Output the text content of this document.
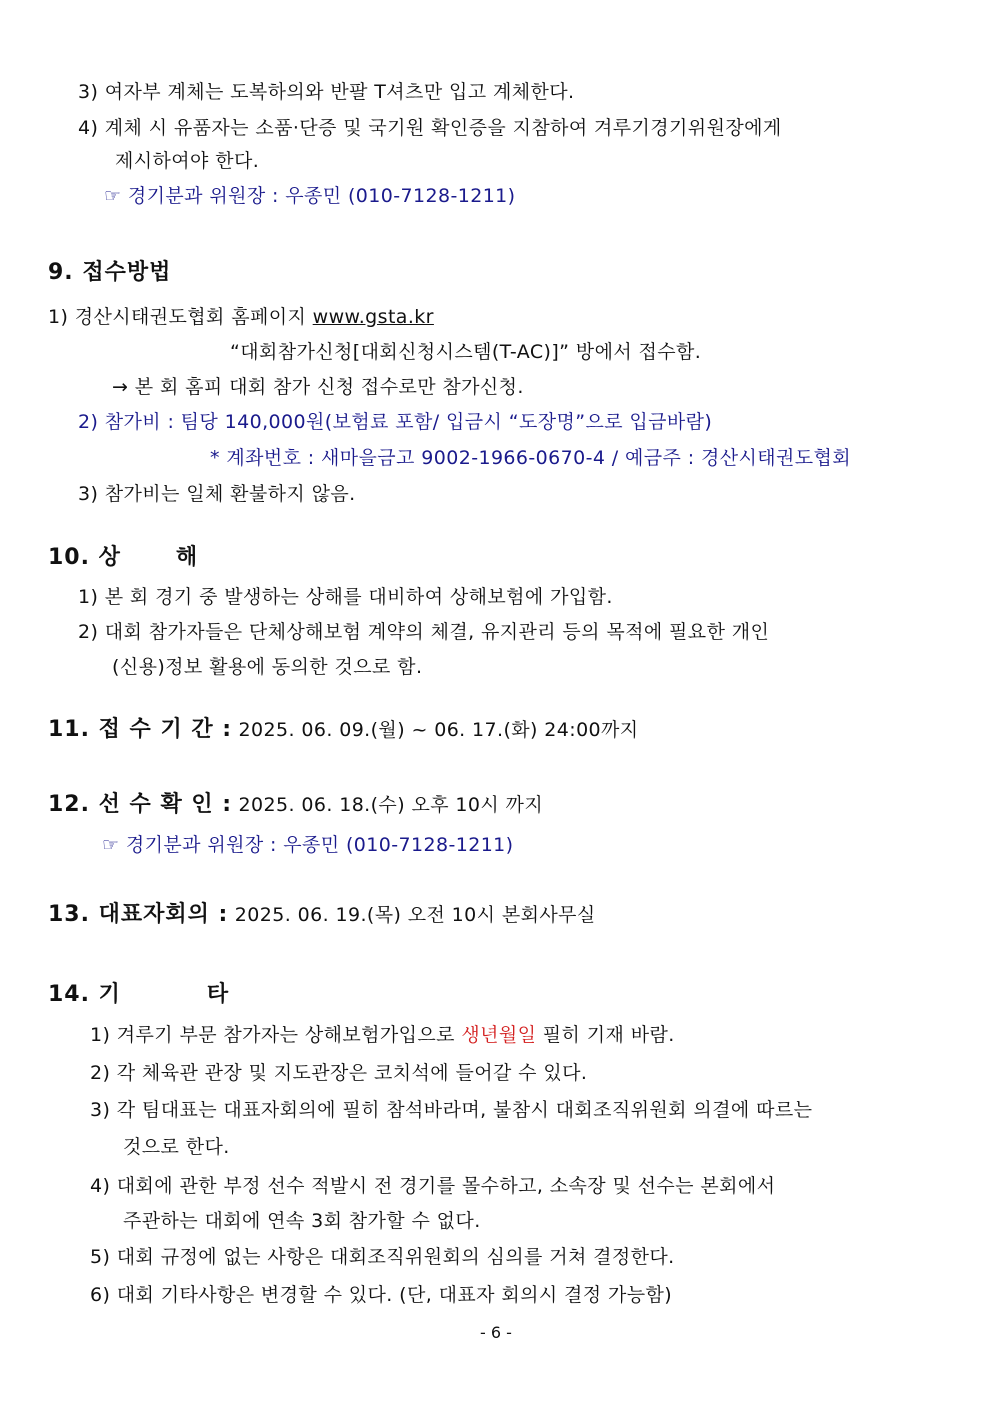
3) 여자부 계체는 도복하의와 반팔 T셔츠만 입고 계체한다.
4) 계체 시 유품자는 소품·단증 및 국기원 확인증을 지참하여 겨루기경기위원장에게
제시하여야 한다.
☞ 경기분과 위원장 : 우종민 (010-7128-1211)
9. 접수방법
1) 경산시태권도협회 홈페이지 www.gsta.kr
“대회참가신청[대회신청시스템(T-AC)]” 방에서 접수함.
→ 본 회 홈피 대회 참가 신청 접수로만 참가신청.
2) 참가비 : 팀당 140,000원(보험료 포함/ 입금시 “도장명”으로 입금바람)
* 계좌번호 : 새마을금고 9002-1966-0670-4 / 예금주 : 경산시태권도협회
3) 참가비는 일체 환불하지 않음.
10. 상	해
1) 본 회 경기 중 발생하는 상해를 대비하여 상해보험에 가입함.
2) 대회 참가자들은 단체상해보험 계약의 체결, 유지관리 등의 목적에 필요한 개인
(신용)정보 활용에 동의한 것으로 함.
11. 접 수 기 간 : 2025. 06. 09.(월) ~ 06. 17.(화) 24:00까지
12. 선 수 확 인 : 2025. 06. 18.(수) 오후 10시 까지
☞ 경기분과 위원장 : 우종민 (010-7128-1211)
13. 대표자회의 : 2025. 06. 19.(목) 오전 10시 본회사무실
14. 기	타
1) 겨루기 부문 참가자는 상해보험가입으로 생년월일 필히 기재 바람.
2) 각 체육관 관장 및 지도관장은 코치석에 들어갈 수 있다.
3) 각 팀대표는 대표자회의에 필히 참석바라며, 불참시 대회조직위원회 의결에 따르는
것으로 한다.
4) 대회에 관한 부정 선수 적발시 전 경기를 몰수하고, 소속장 및 선수는 본회에서
주관하는 대회에 연속 3회 참가할 수 없다.
5) 대회 규정에 없는 사항은 대회조직위원회의 심의를 거쳐 결정한다.
6) 대회 기타사항은 변경할 수 있다. (단, 대표자 회의시 결정 가능함)
- 6 -
